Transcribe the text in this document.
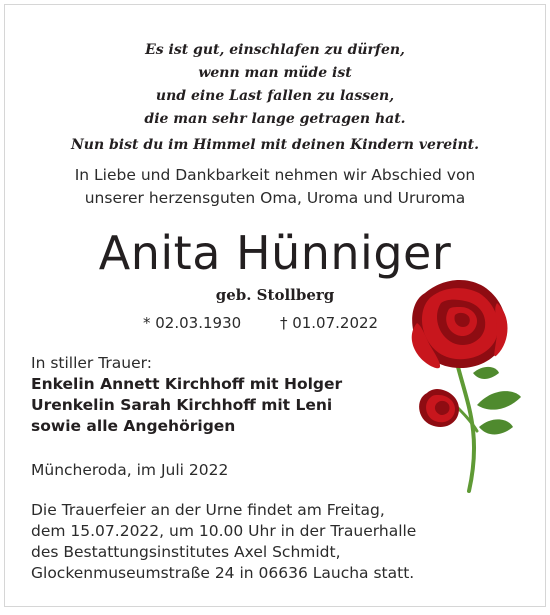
Es ist gut, einschlafen zu dürfen,
wenn man müde ist
und eine Last fallen zu lassen,
die man sehr lange getragen hat.
Nun bist du im Himmel mit deinen Kindern vereint.
In Liebe und Dankbarkeit nehmen wir Abschied von
unserer herzensguten Oma, Uroma und Ururoma
Anita Hünniger
geb. Stollberg
* 02.03.1930	† 01.07.2022
In stiller Trauer:
Enkelin Annett Kirchhoff mit Holger
Urenkelin Sarah Kirchhoff mit Leni
sowie alle Angehörigen
Müncheroda, im Juli 2022
Die Trauerfeier an der Urne findet am Freitag,
dem 15.07.2022, um 10.00 Uhr in der Trauerhalle
des Bestattungsinstitutes Axel Schmidt,
Glockenmuseumstraße 24 in 06636 Laucha statt.
